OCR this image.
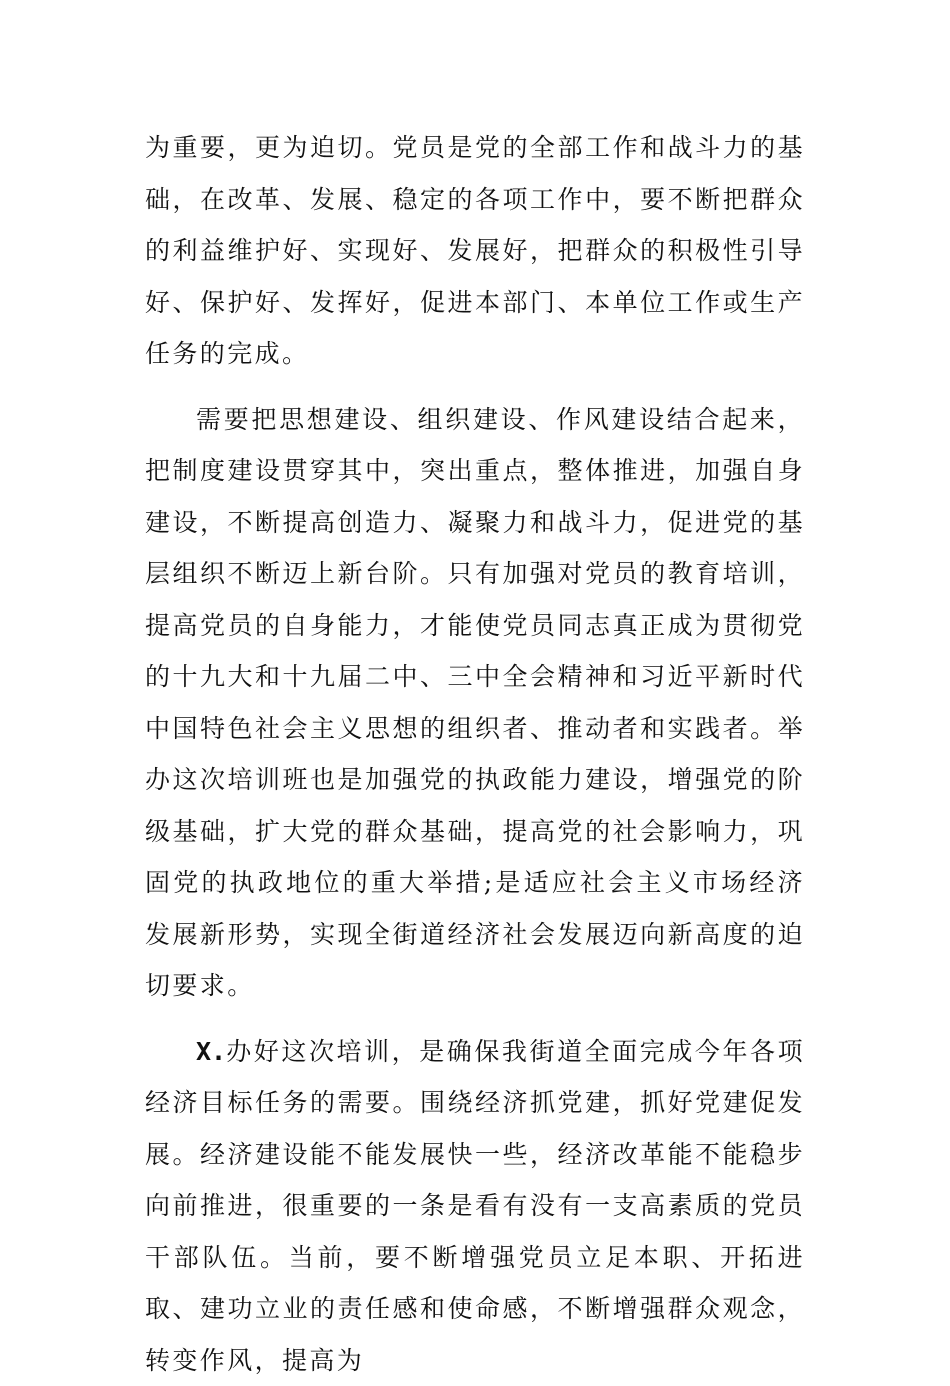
为重要，更为迫切。党员是党的全部工作和战斗力的基础，在改革、发展、稳定的各项工作中，要不断把群众的利益维护好、实现好、发展好，把群众的积极性引导好、保护好、发挥好，促进本部门、本单位工作或生产任务的完成。

需要把思想建设、组织建设、作风建设结合起来，把制度建设贯穿其中，突出重点，整体推进，加强自身建设，不断提高创造力、凝聚力和战斗力，促进党的基层组织不断迈上新台阶。只有加强对党员的教育培训，提高党员的自身能力，才能使党员同志真正成为贯彻党的十九大和十九届二中、三中全会精神和习近平新时代中国特色社会主义思想的组织者、推动者和实践者。举办这次培训班也是加强党的执政能力建设，增强党的阶级基础，扩大党的群众基础，提高党的社会影响力，巩固党的执政地位的重大举措;是适应社会主义市场经济发展新形势，实现全街道经济社会发展迈向新高度的迫切要求。

X.办好这次培训，是确保我街道全面完成今年各项经济目标任务的需要。围绕经济抓党建，抓好党建促发展。经济建设能不能发展快一些，经济改革能不能稳步向前推进，很重要的一条是看有没有一支高素质的党员干部队伍。当前，要不断增强党员立足本职、开拓进取、建功立业的责任感和使命感，不断增强群众观念，转变作风，提高为
